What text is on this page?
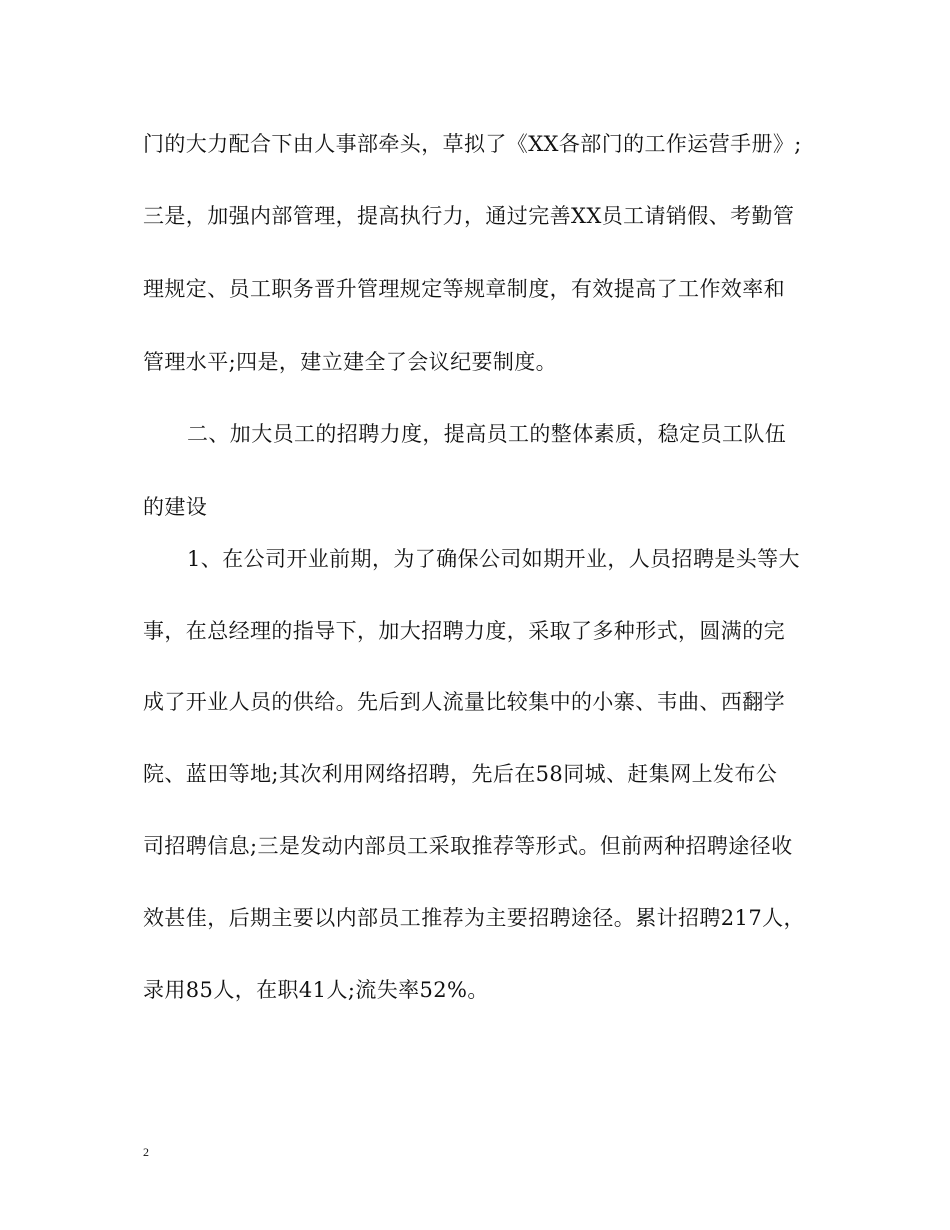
门的大力配合下由人事部牵头，草拟了《XX各部门的工作运营手册》;
三是，加强内部管理，提高执行力，通过完善XX员工请销假、考勤管
理规定、员工职务晋升管理规定等规章制度，有效提高了工作效率和
管理水平;四是，建立建全了会议纪要制度。
二、加大员工的招聘力度，提高员工的整体素质，稳定员工队伍
的建设
1、在公司开业前期，为了确保公司如期开业，人员招聘是头等大
事，在总经理的指导下，加大招聘力度，采取了多种形式，圆满的完
成了开业人员的供给。先后到人流量比较集中的小寨、韦曲、西翻学
院、蓝田等地;其次利用网络招聘，先后在58同城、赶集网上发布公
司招聘信息;三是发动内部员工采取推荐等形式。但前两种招聘途径收
效甚佳，后期主要以内部员工推荐为主要招聘途径。累计招聘217人，
录用85人，在职41人;流失率52%。
2
